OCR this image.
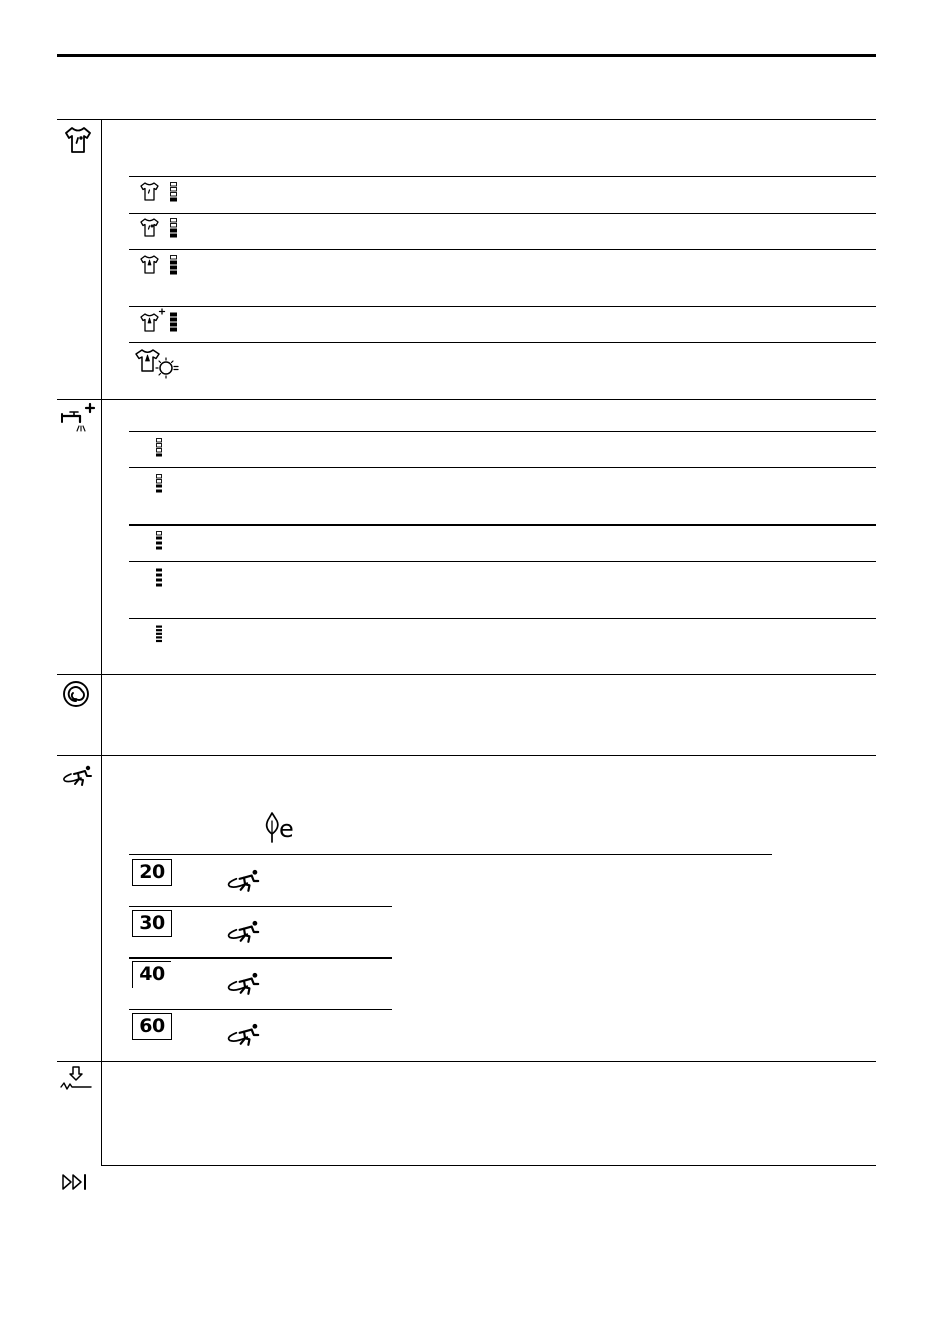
e
20
30
40
60
